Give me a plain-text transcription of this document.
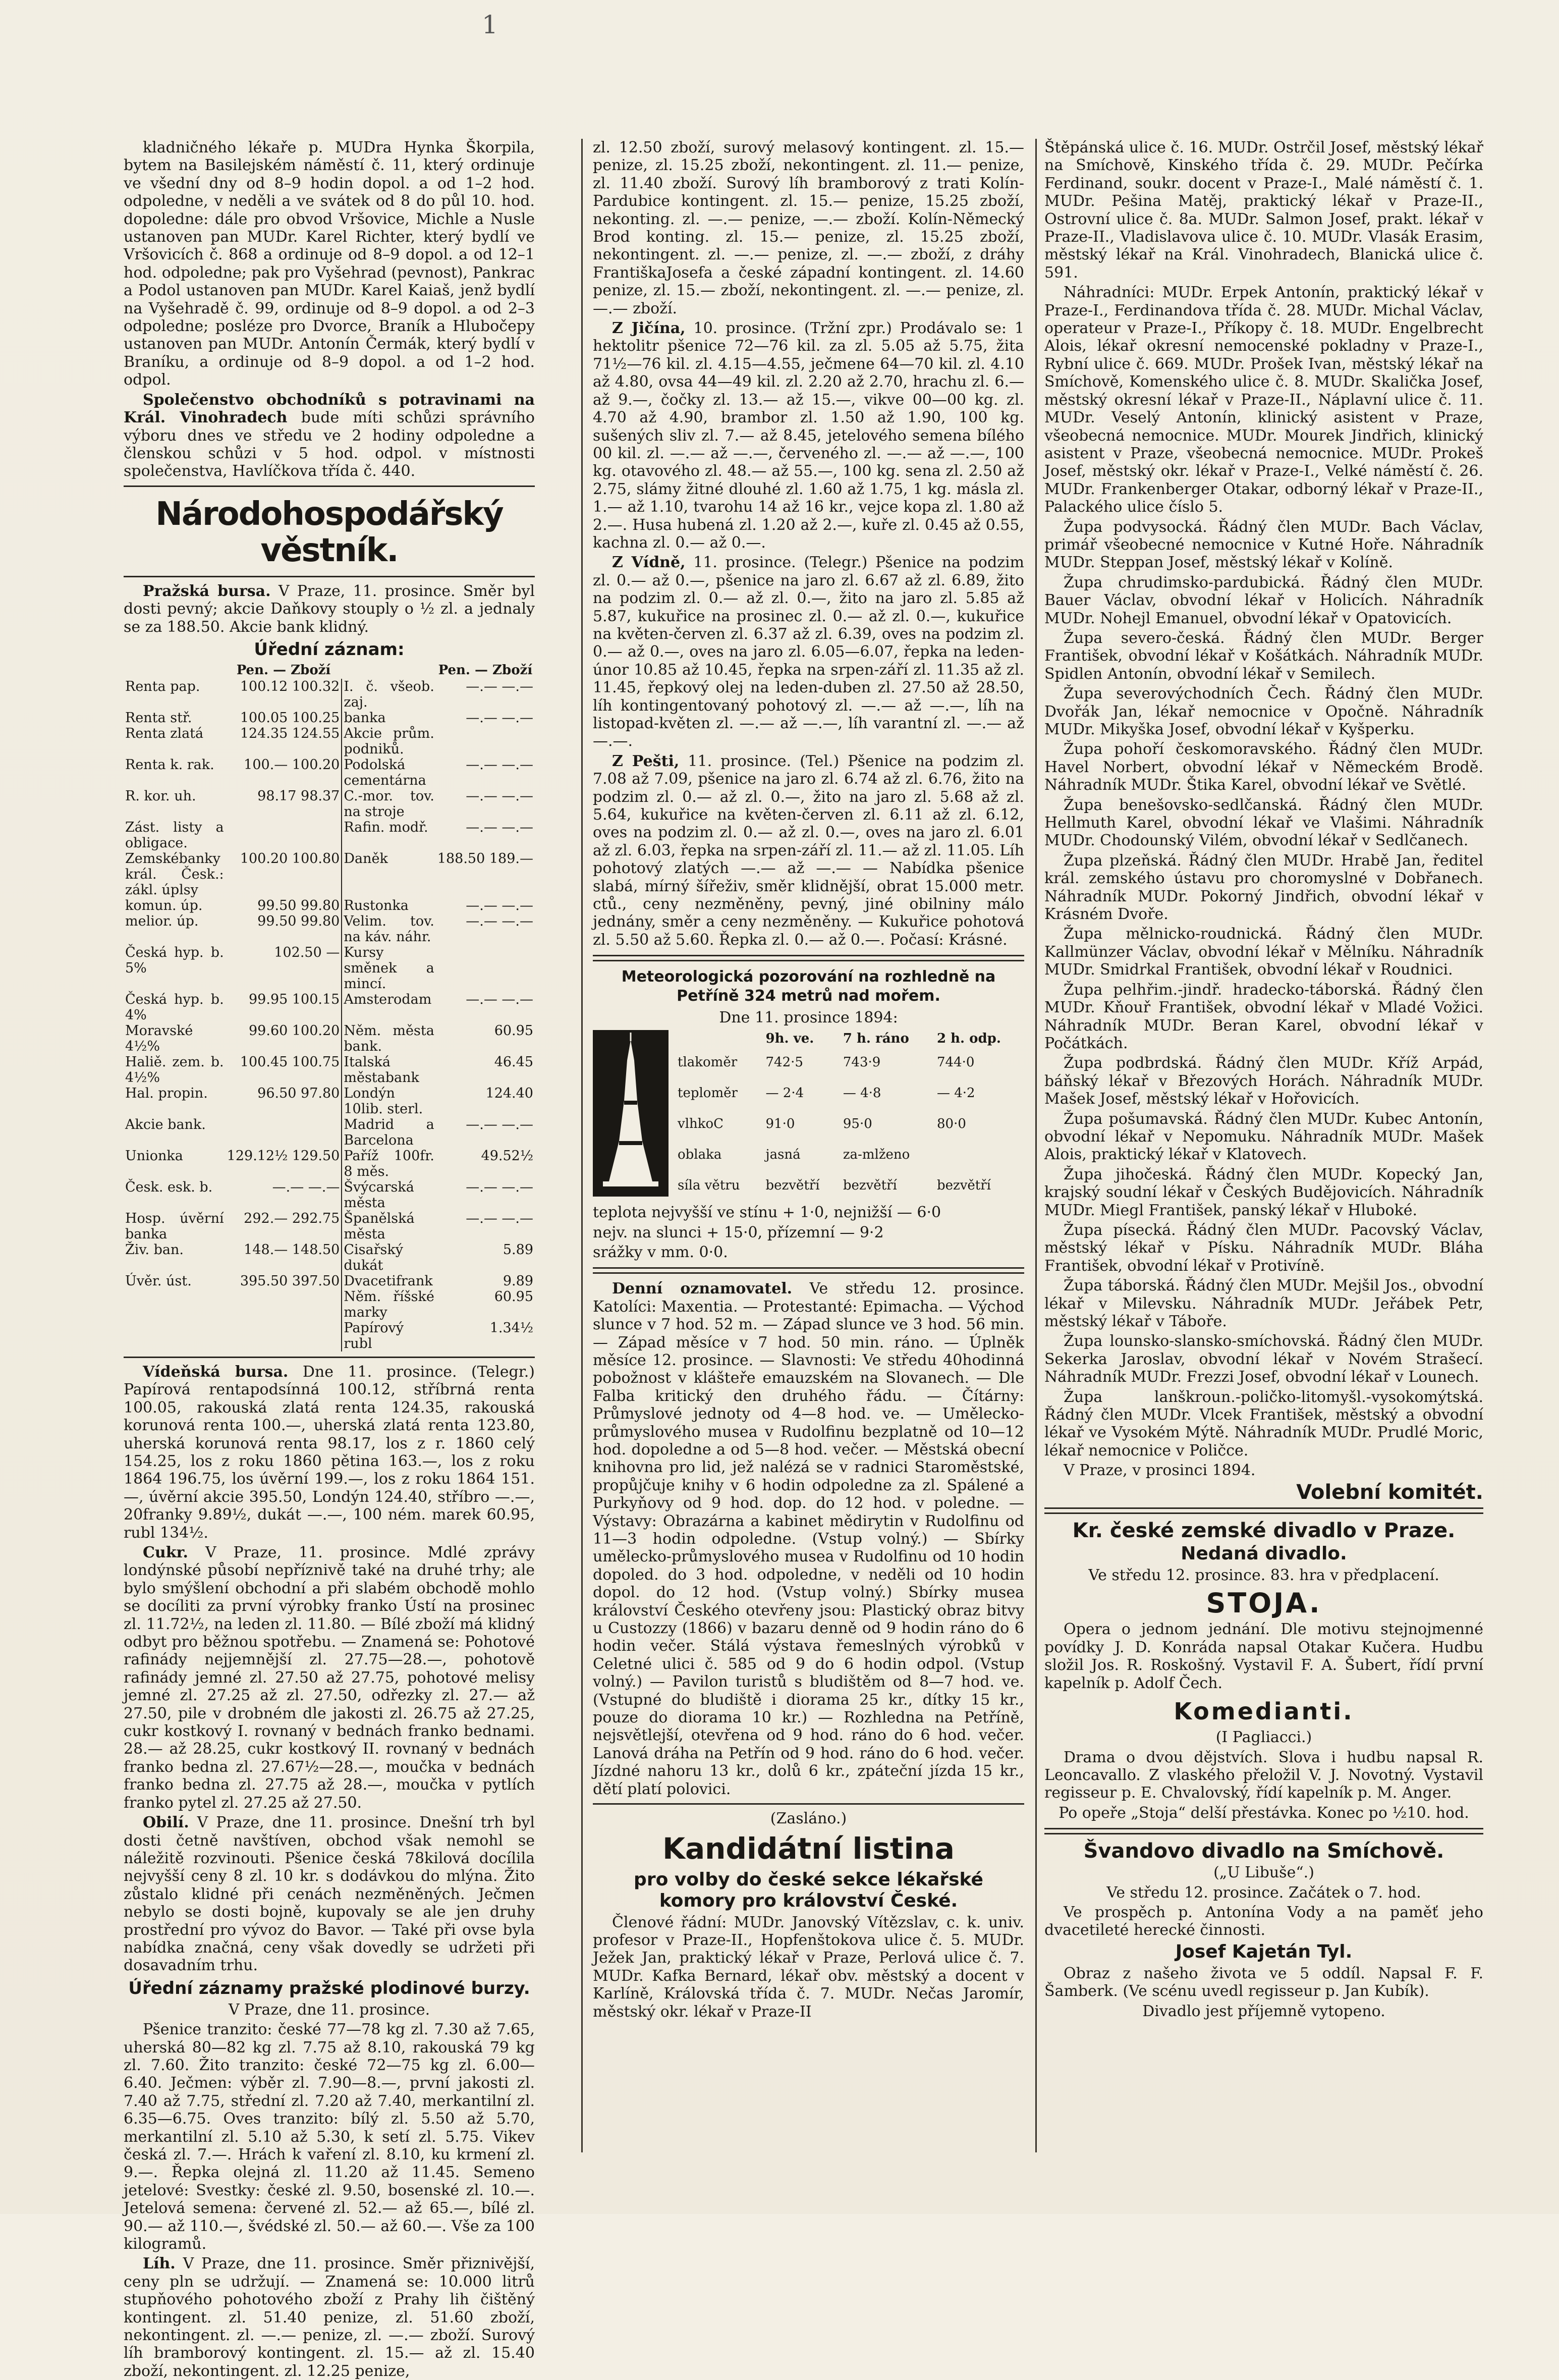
1

kladničného lékaře p. MUDra Hynka Škorpila, bytem na Basilejském náměstí č. 11, který ordinuje ve všední dny od 8–9 hodin dopol. a od 1–2 hod. odpoledne, v neděli a ve svátek od 8 do půl 10. hod. dopoledne: dále pro obvod Vršovice, Michle a Nusle ustanoven pan MUDr. Karel Richter, který bydlí ve Vršovicích č. 868 a ordinuje od 8–9 dopol. a od 12–1 hod. odpoledne; pak pro Vyšehrad (pevnost), Pankrac a Podol ustanoven pan MUDr. Karel Kaiaš, jenž bydlí na Vyšehradě č. 99, ordinuje od 8–9 dopol. a od 2–3 odpoledne; posléze pro Dvorce, Braník a Hlubočepy ustanoven pan MUDr. Antonín Čermák, který bydlí v Braníku, a ordinuje od 8–9 dopol. a od 1–2 hod. odpol.

Společenstvo obchodníků s potravinami na Král. Vinohradech bude míti schůzi správního výboru dnes ve středu ve 2 hodiny odpoledne a členskou schůzi v 5 hod. odpol. v místnosti společenstva, Havlíčkova třída č. 440.

Národohospodářský věstník.

Pražská bursa. V Praze, 11. prosince. Směr byl dosti pevný; akcie Daňkovy stouply o ½ zl. a jednaly se za 188.50. Akcie bank klidný.

Úřední záznam:
	Pen. — Zboží		Pen. — Zboží
Renta pap.	100.12 100.32	I. č. všeob. zaj.	—.— —.—
Renta stř.	100.05 100.25	banka	—.— —.—
Renta zlatá	124.35 124.55	Akcie prům. podniků.	
Renta k. rak.	100.— 100.20	Podolská cementárna	—.— —.—
R. kor. uh.	98.17 98.37	C.-mor. tov. na stroje	—.— —.—
Zást. listy a obligace.		Rafin. modř.	—.— —.—
Zemskébanky král. Česk.: zákl. úplsy	100.20 100.80	Daněk	188.50 189.—
komun. úp.	99.50 99.80	Rustonka	—.— —.—
melior. úp.	99.50 99.80	Velim. tov. na káv. náhr.	—.— —.—
Česká hyp. b. 5%	102.50 —	Kursy směnek a mincí.	
Česká hyp. b. 4%	99.95 100.15	Amsterodam	—.— —.—
Moravské 4½%	99.60 100.20	Něm. města bank.	60.95
Haliě. zem. b. 4½%	100.45 100.75	Italská městabank	46.45
Hal. propin.	96.50 97.80	Londýn 10lib. sterl.	124.40
Akcie bank.		Madrid a Barcelona	—.— —.—
Unionka	129.12½ 129.50	Paříž 100fr. 8 měs.	49.52½
Česk. esk. b.	—.— —.—	Švýcarská města	—.— —.—
Hosp. úvěrní banka	292.— 292.75	Španělská města	—.— —.—
Živ. ban.	148.— 148.50	Cisařský dukát	5.89
Úvěr. úst.	395.50 397.50	Dvacetifrank	9.89
		Něm. říšské marky	60.95
		Papírový rubl	1.34½

Vídeňská bursa. Dne 11. prosince. (Telegr.) Papírová rentapodsínná 100.12, stříbrná renta 100.05, rakouská zlatá renta 124.35, rakouská korunová renta 100.—, uherská zlatá renta 123.80, uherská korunová renta 98.17, los z r. 1860 celý 154.25, los z roku 1860 pětina 163.—, los z roku 1864 196.75, los úvěrní 199.—, los z roku 1864 151.—, úvěrní akcie 395.50, Londýn 124.40, stříbro —.—, 20franky 9.89½, dukát —.—, 100 ném. marek 60.95, rubl 134½.

Cukr. V Praze, 11. prosince. Mdlé zprávy londýnské působí nepříznivě také na druhé trhy; ale bylo smýšlení obchodní a při slabém obchodě mohlo se docíliti za první výrobky franko Ústí na prosinec zl. 11.72½, na leden zl. 11.80. — Bílé zboží má klidný odbyt pro běžnou spotřebu. — Znamená se: Pohotové rafinády nejjemnější zl. 27.75—28.—, pohotově rafinády jemné zl. 27.50 až 27.75, pohotové melisy jemné zl. 27.25 až zl. 27.50, odřezky zl. 27.— až 27.50, pile v drobném dle jakosti zl. 26.75 až 27.25, cukr kostkový I. rovnaný v bednách franko bednami. 28.— až 28.25, cukr kostkový II. rovnaný v bednách franko bedna zl. 27.67½—28.—, moučka v bednách franko bedna zl. 27.75 až 28.—, moučka v pytlích franko pytel zl. 27.25 až 27.50.

Obilí. V Praze, dne 11. prosince. Dnešní trh byl dosti četně navštíven, obchod však nemohl se náležitě rozvinouti. Pšenice česká 78kilová docílila nejvyšší ceny 8 zl. 10 kr. s dodávkou do mlýna. Žito zůstalo klidné při cenách nezměněných. Ječmen nebylo se dosti bojně, kupovaly se ale jen druhy prostřední pro vývoz do Bavor. — Také při ovse byla nabídka značná, ceny však dovedly se udržeti při dosavadním trhu.

Úřední záznamy pražské plodinové burzy.

V Praze, dne 11. prosince.

Pšenice tranzito: české 77—78 kg zl. 7.30 až 7.65, uherská 80—82 kg zl. 7.75 až 8.10, rakouská 79 kg zl. 7.60. Žito tranzito: české 72—75 kg zl. 6.00—6.40. Ječmen: výběr zl. 7.90—8.—, první jakosti zl. 7.40 až 7.75, střední zl. 7.20 až 7.40, merkantilní zl. 6.35—6.75. Oves tranzito: bílý zl. 5.50 až 5.70, merkantilní zl. 5.10 až 5.30, k setí zl. 5.75. Vikev česká zl. 7.—. Hrách k vaření zl. 8.10, ku krmení zl. 9.—. Řepka olejná zl. 11.20 až 11.45. Semeno jetelové: Svestky: české zl. 9.50, bosenské zl. 10.—. Jetelová semena: červené zl. 52.— až 65.—, bílé zl. 90.— až 110.—, švédské zl. 50.— až 60.—. Vše za 100 kilogramů.

Líh. V Praze, dne 11. prosince. Směr přiznivější, ceny pln se udržují. — Znamená se: 10.000 litrů stupňového pohotového zboží z Prahy lih čištěný kontingent. zl. 51.40 penize, zl. 51.60 zboží, nekontingent. zl. —.— penize, zl. —.— zboží. Surový líh bramborový kontingent. zl. 15.— až zl. 15.40 zboží, nekontingent. zl. 12.25 penize,

zl. 12.50 zboží, surový melasový kontingent. zl. 15.— penize, zl. 15.25 zboží, nekontingent. zl. 11.— penize, zl. 11.40 zboží. Surový líh bramborový z trati Kolín-Pardubice kontingent. zl. 15.— penize, 15.25 zboží, nekonting. zl. —.— penize, —.— zboží. Kolín-Německý Brod konting. zl. 15.— penize, zl. 15.25 zboží, nekontingent. zl. —.— penize, zl. —.— zboží, z dráhy FrantiškaJosefa a české západní kontingent. zl. 14.60 penize, zl. 15.— zboží, nekontingent. zl. —.— penize, zl. —.— zboží.

Z Jičína, 10. prosince. (Tržní zpr.) Prodávalo se: 1 hektolitr pšenice 72—76 kil. za zl. 5.05 až 5.75, žita 71½—76 kil. zl. 4.15—4.55, ječmene 64—70 kil. zl. 4.10 až 4.80, ovsa 44—49 kil. zl. 2.20 až 2.70, hrachu zl. 6.— až 9.—, čočky zl. 13.— až 15.—, vikve 00—00 kg. zl. 4.70 až 4.90, brambor zl. 1.50 až 1.90, 100 kg. sušených sliv zl. 7.— až 8.45, jetelového semena bílého 00 kil. zl. —.— až —.—, červeného zl. —.— až —.—, 100 kg. otavového zl. 48.— až 55.—, 100 kg. sena zl. 2.50 až 2.75, slámy žitné dlouhé zl. 1.60 až 1.75, 1 kg. másla zl. 1.— až 1.10, tvarohu 14 až 16 kr., vejce kopa zl. 1.80 až 2.—. Husa hubená zl. 1.20 až 2.—, kuře zl. 0.45 až 0.55, kachna zl. 0.— až 0.—.

Z Vídně, 11. prosince. (Telegr.) Pšenice na podzim zl. 0.— až 0.—, pšenice na jaro zl. 6.67 až zl. 6.89, žito na podzim zl. 0.— až zl. 0.—, žito na jaro zl. 5.85 až 5.87, kukuřice na prosinec zl. 0.— až zl. 0.—, kukuřice na květen-červen zl. 6.37 až zl. 6.39, oves na podzim zl. 0.— až 0.—, oves na jaro zl. 6.05—6.07, řepka na leden-únor 10.85 až 10.45, řepka na srpen-září zl. 11.35 až zl. 11.45, řepkový olej na leden-duben zl. 27.50 až 28.50, líh kontingentovaný pohotový zl. —.— až —.—, líh na listopad-květen zl. —.— až —.—, líh varantní zl. —.— až —.—.

Z Pešti, 11. prosince. (Tel.) Pšenice na podzim zl. 7.08 až 7.09, pšenice na jaro zl. 6.74 až zl. 6.76, žito na podzim zl. 0.— až zl. 0.—, žito na jaro zl. 5.68 až zl. 5.64, kukuřice na květen-červen zl. 6.11 až zl. 6.12, oves na podzim zl. 0.— až zl. 0.—, oves na jaro zl. 6.01 až zl. 6.03, řepka na srpen-září zl. 11.— až zl. 11.05. Líh pohotový zlatých —.— až —.— — Nabídka pšenice slabá, mírný šířeživ, směr klidnější, obrat 15.000 metr. ctů., ceny nezměněny, pevný, jiné obilniny málo jednány, směr a ceny nezměněny. — Kukuřice pohotová zl. 5.50 až 5.60. Řepka zl. 0.— až 0.—. Počasí: Krásné.

Meteorologická pozorování na rozhledně na Petříně 324 metrů nad mořem.

Dne 11. prosince 1894:

	9h. ve.	7 h. ráno	2 h. odp.
tlakoměr	742·5	743·9	744·0
teploměr	— 2·4	— 4·8	— 4·2
vlhkoC	91·0	95·0	80·0
oblaka	jasná	za-mlženo	
síla větru	bezvětří	bezvětří	bezvětří

teplota nejvyšší ve stínu + 1·0, nejnižší — 6·0

nejv. na slunci + 15·0, přízemní — 9·2

srážky v mm. 0·0.

Denní oznamovatel. Ve středu 12. prosince. Katolíci: Maxentia. — Protestanté: Epimacha. — Východ slunce v 7 hod. 52 m. — Západ slunce ve 3 hod. 56 min. — Západ měsíce v 7 hod. 50 min. ráno. — Úplněk měsíce 12. prosince. — Slavnosti: Ve středu 40hodinná pobožnost v klášteře emauzském na Slovanech. — Dle Falba kritický den druhého řádu. — Čítárny: Průmyslové jednoty od 4—8 hod. ve. — Umělecko-průmyslového musea v Rudolfinu bezplatně od 10—12 hod. dopoledne a od 5—8 hod. večer. — Městská obecní knihovna pro lid, jež nalézá se v radnici Staroměstské, propůjčuje knihy v 6 hodin odpoledne za zl. Spálené a Purkyňovy od 9 hod. dop. do 12 hod. v poledne. — Výstavy: Obrazárna a kabinet mědirytin v Rudolfinu od 11—3 hodin odpoledne. (Vstup volný.) — Sbírky umělecko-průmyslového musea v Rudolfinu od 10 hodin dopoled. do 3 hod. odpoledne, v neděli od 10 hodin dopol. do 12 hod. (Vstup volný.) Sbírky musea království Českého otevřeny jsou: Plastický obraz bitvy u Custozzy (1866) v bazaru denně od 9 hodin ráno do 6 hodin večer. Stálá výstava řemeslných výrobků v Celetné ulici č. 585 od 9 do 6 hodin odpol. (Vstup volný.) — Pavilon turistů s bludištěm od 8—7 hod. ve. (Vstupné do bludiště i diorama 25 kr., dítky 15 kr., pouze do diorama 10 kr.) — Rozhledna na Petříně, nejsvětlejší, otevřena od 9 hod. ráno do 6 hod. večer. Lanová dráha na Petřín od 9 hod. ráno do 6 hod. večer. Jízdné nahoru 13 kr., dolů 6 kr., zpáteční jízda 15 kr., dětí platí polovici.

(Zasláno.)

Kandidátní listina
pro volby do české sekce lékařské komory pro království České.

Členové řádní: MUDr. Janovský Vítězslav, c. k. univ. profesor v Praze-II., Hopfenštokova ulice č. 5. MUDr. Ježek Jan, praktický lékař v Praze, Perlová ulice č. 7. MUDr. Kafka Bernard, lékař obv. městský a docent v Karlíně, Královská třída č. 7. MUDr. Nečas Jaromír, městský okr. lékař v Praze-II

Štěpánská ulice č. 16. MUDr. Ostrčil Josef, městský lékař na Smíchově, Kinského třída č. 29. MUDr. Pečírka Ferdinand, soukr. docent v Praze-I., Malé náměstí č. 1. MUDr. Pešina Matěj, praktický lékař v Praze-II., Ostrovní ulice č. 8a. MUDr. Salmon Josef, prakt. lékař v Praze-II., Vladislavova ulice č. 10. MUDr. Vlasák Erasim, městský lékař na Král. Vinohradech, Blanická ulice č. 591.

Náhradníci: MUDr. Erpek Antonín, praktický lékař v Praze-I., Ferdinandova třída č. 28. MUDr. Michal Václav, operateur v Praze-I., Příkopy č. 18. MUDr. Engelbrecht Alois, lékař okresní nemocenské pokladny v Praze-I., Rybní ulice č. 669. MUDr. Prošek Ivan, městský lékař na Smíchově, Komenského ulice č. 8. MUDr. Skalička Josef, městský okresní lékař v Praze-II., Náplavní ulice č. 11. MUDr. Veselý Antonín, klinický asistent v Praze, všeobecná nemocnice. MUDr. Mourek Jindřich, klinický asistent v Praze, všeobecná nemocnice. MUDr. Prokeš Josef, městský okr. lékař v Praze-I., Velké náměstí č. 26. MUDr. Frankenberger Otakar, odborný lékař v Praze-II., Palackého ulice číslo 5.

Župa podvysocká. Řádný člen MUDr. Bach Václav, primář všeobecné nemocnice v Kutné Hoře. Náhradník MUDr. Steppan Josef, městský lékař v Kolíně.

Župa chrudimsko-pardubická. Řádný člen MUDr. Bauer Václav, obvodní lékař v Holicích. Náhradník MUDr. Nohejl Emanuel, obvodní lékař v Opatovicích.

Župa severo-česká. Řádný člen MUDr. Berger František, obvodní lékař v Košátkách. Náhradník MUDr. Spidlen Antonín, obvodní lékař v Semilech.

Župa severovýchodních Čech. Řádný člen MUDr. Dvořák Jan, lékař nemocnice v Opočně. Náhradník MUDr. Mikyška Josef, obvodní lékař v Kyšperku.

Župa pohoří českomoravského. Řádný člen MUDr. Havel Norbert, obvodní lékař v Německém Brodě. Náhradník MUDr. Štika Karel, obvodní lékař ve Světlé.

Župa benešovsko-sedlčanská. Řádný člen MUDr. Hellmuth Karel, obvodní lékař ve Vlašimi. Náhradník MUDr. Chodounský Vilém, obvodní lékař v Sedlčanech.

Župa plzeňská. Řádný člen MUDr. Hrabě Jan, ředitel král. zemského ústavu pro choromyslné v Dobřanech. Náhradník MUDr. Pokorný Jindřich, obvodní lékař v Krásném Dvoře.

Župa mělnicko-roudnická. Řádný člen MUDr. Kallmünzer Václav, obvodní lékař v Mělníku. Náhradník MUDr. Smidrkal František, obvodní lékař v Roudnici.

Župa pelhřim.-jindř. hradecko-táborská. Řádný člen MUDr. Kňouř František, obvodní lékař v Mladé Vožici. Náhradník MUDr. Beran Karel, obvodní lékař v Počátkách.

Župa podbrdská. Řádný člen MUDr. Kříž Arpád, báňský lékař v Březových Horách. Náhradník MUDr. Mašek Josef, městský lékař v Hořovicích.

Župa pošumavská. Řádný člen MUDr. Kubec Antonín, obvodní lékař v Nepomuku. Náhradník MUDr. Mašek Alois, praktický lékař v Klatovech.

Župa jihočeská. Řádný člen MUDr. Kopecký Jan, krajský soudní lékař v Českých Budějovicích. Náhradník MUDr. Miegl František, panský lékař v Hluboké.

Župa písecká. Řádný člen MUDr. Pacovský Václav, městský lékař v Písku. Náhradník MUDr. Bláha František, obvodní lékař v Protivíně.

Župa táborská. Řádný člen MUDr. Mejšil Jos., obvodní lékař v Milevsku. Náhradník MUDr. Jeřábek Petr, městský lékař v Táboře.

Župa lounsko-slansko-smíchovská. Řádný člen MUDr. Sekerka Jaroslav, obvodní lékař v Novém Strašecí. Náhradník MUDr. Frezzi Josef, obvodní lékař v Lounech.

Župa lanškroun.-poličko-litomyšl.-vysokomýtská. Řádný člen MUDr. Vlcek František, městský a obvodní lékař ve Vysokém Mýtě. Náhradník MUDr. Prudlé Moric, lékař nemocnice v Poličce.

V Praze, v prosinci 1894.

Volební komitét.
Kr. české zemské divadlo v Praze.
Nedaná divadlo.

Ve středu 12. prosince. 83. hra v předplacení.

STOJA.

Opera o jednom jednání. Dle motivu stejnojmenné povídky J. D. Konráda napsal Otakar Kučera. Hudbu složil Jos. R. Roskošný. Vystavil F. A. Šubert, řídí první kapelník p. Adolf Čech.

Komedianti.

(I Pagliacci.)

Drama o dvou dějstvích. Slova i hudbu napsal R. Leoncavallo. Z vlaského přeložil V. J. Novotný. Vystavil regisseur p. E. Chvalovský, řídí kapelník p. M. Anger.

Po opeře „Stoja“ delší přestávka. Konec po ½10. hod.

Švandovo divadlo na Smíchově.

(„U Libuše“.)

Ve středu 12. prosince. Začátek o 7. hod.

Ve prospěch p. Antonína Vody a na paměť jeho dvacetileté herecké činnosti.

Josef Kajetán Tyl.

Obraz z našeho života ve 5 oddíl. Napsal F. F. Šamberk. (Ve scénu uvedl regisseur p. Jan Kubík).

Divadlo jest příjemně vytopeno.
